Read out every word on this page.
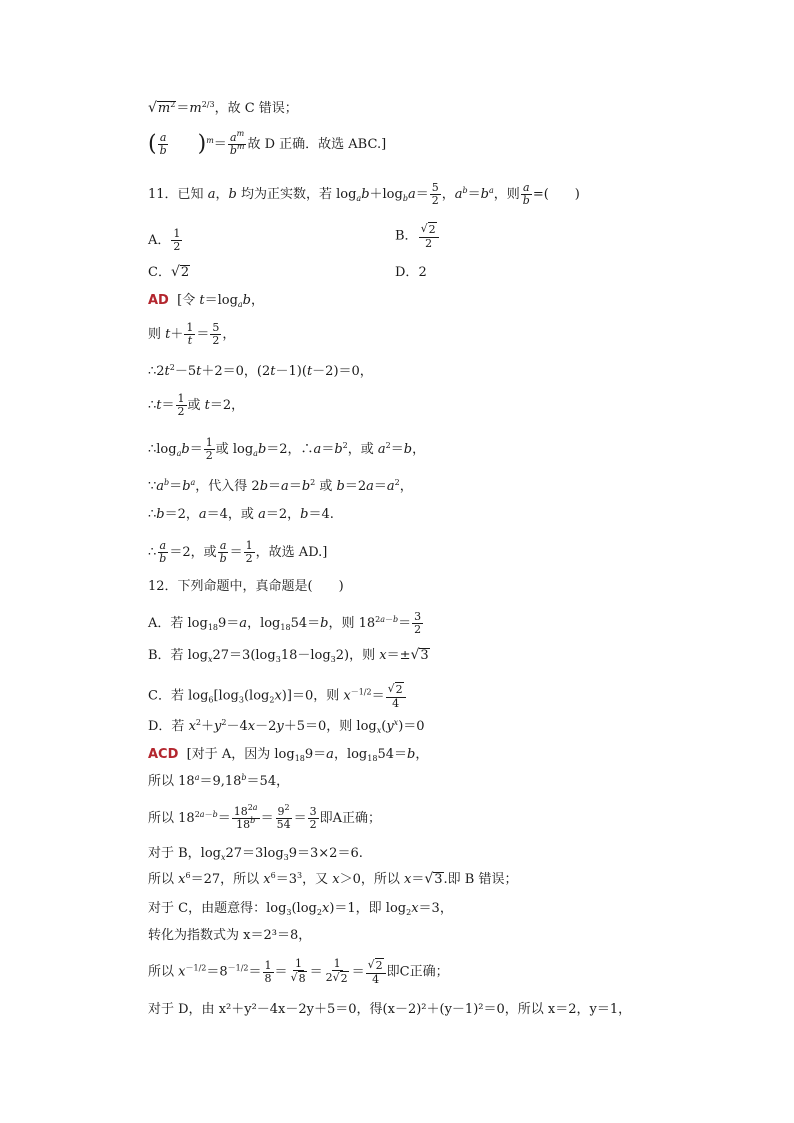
√ $m^2 =m^{2/3}$，故 C 错误；
( $\frac{a}{b} )^m= \frac{a^m}{b^m}$ 故 D 正确．故选 ABC.]
11．已知 a，b 均为正实数，若 $\log_ab+\log_ba= \frac{5}{2}$ ，$a^b=b^a$，则 $\frac{a}{b}$ =(　　)
A． $\frac{1}{2}$	B． $\frac{√ 2}{2}$
C． √ 2	D．2
AD [令 $t=\log_ab$，
则 $t+ \frac{1}{t} = \frac{5}{2}$ ，
$\therefore 2t^2-5t+2=0$，(2t－1)(t－2)＝0，
∴t＝ $\frac{1}{2}$ 或 t＝2，
$\therefore\log_ab= \frac{1}{2}$ 或 $\log_ab=2$，$\therefore a=b^2$，或 $a^2=b$，
$\because a^b=b^a$，代入得 $2b=a=b^2$ 或 $b=2a=a^2$，
∴b＝2，a＝4，或 a＝2，b＝4.
∴ $\frac{a}{b} =2$，或 $\frac{a}{b} = \frac{1}{2}$ ，故选 AD.]
12．下列命题中，真命题是(　　)
A．若 $\log_{18}9=a$，$\log_{18}54=b$，则 $18^{2a-b}= \frac{3}{2}$
B．若 $\log_x27=3(\log_318-\log_32)$，则 x＝± √ 3
C．若 $\log_6[\log_3(\log_2x)]=0$，则 $x^{-1/2}= \frac{√ 2}{4}$
D．若 $x^2+y^2-4x-2y+5=0$，则 $\log_x(y^x)=0$
ACD  [对于 A，因为 $\log_{18}9=a$，$\log_{18}54=b$，
所以 $18^a=9,18^b=54$，
所以 $18^{2a-b}= \frac{18^{2a}}{18^b} = \frac{9^2}{54} = \frac{3}{2}$ 即A正确；
对于 B，$\log_x27=3\log_39=3\times 2=6$.
所以 $x^6=27$，所以 $x^6=3^3$，又 x＞0，所以 x＝ √ 3 .即 B 错误；
对于 C，由题意得：$\log_3(\log_2x)=1$，即 $\log_2x=3$，
转化为指数式为 x＝2³＝8，
所以 $x^{-1/2}=8^{-1/2}= \frac{1}{8} = \frac{1}{√ 8} = \frac{1}{2 √ 2} = \frac{√ 2}{4}$ 即C正确；
对于 D，由 x²＋y²－4x－2y＋5＝0，得(x－2)²＋(y－1)²＝0，所以 x＝2，y＝1，
